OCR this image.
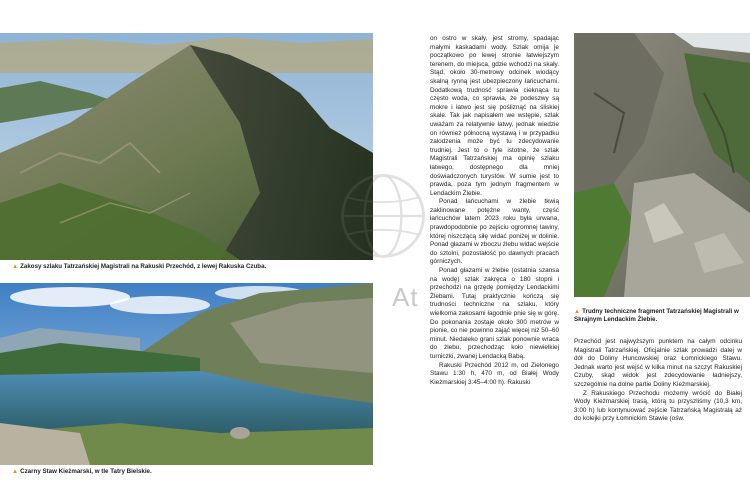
▲ Zakosy szlaku Tatrzańskiej Magistrali na Rakuski Przechód, z lewej Rakuska Czuba.
▲ Czarny Staw Kieżmarski, w tle Tatry Bielskie.
At

on ostro w skały, jest stromy, spadając małymi kaskadami wody. Szlak omija je początkowo po lewej stronie łatwiejszym terenem, do miejsca, gdzie wchodzi na skały. Stąd, około 30-metrowy odcinek wiodący skalną rynną jest ubezpieczony łańcuchami. Dodatkową trudność sprawia cieknąca tu często woda, co sprawia, że podeszwy są mokre i łatwo jest się pośliznąć na śliskiej skale. Tak jak napisałem we wstępie, szlak uważam za relatywnie łatwy, jednak wiedzie on również północną wystawą i w przypadku zalodzenia może być tu zdecydowanie trudniej. Jest to o tyle istotne, że szlak Magistrali Tatrzańskiej ma opinię szlaku łatwego, dostępnego dla mniej doświadczonych turystów. W sumie jest to prawda, poza tym jednym fragmentem w Lendackim Żlebie.

Ponad łańcuchami w żlebie tkwią zaklinowane potężne wanty, część łańcuchów latem 2023 roku była urwana, prawdopodobnie po zejściu ogromnej lawiny, której niszczącą siłę widać poniżej w dolinie. Ponad głazami w zboczu żlebu widać wejście do sztolni, pozostałość po dawnych pracach górniczych.

Ponad głazami w żlebie (ostatnia szansa na wodę) szlak zakręca o 180 stopni i przechodzi na grzędę pomiędzy Lendackimi Żlebami. Tutaj praktycznie kończą się trudności techniczne na szlaku, który wielkoma zakosami łagodnie pnie się w górę. Do pokonania zostaje około 300 metrów w pionie, co nie powinno zająć więcej niż 50–60 minut. Niedaleko grani szlak ponownie wraca do żlebu, przechodząc koło niewielkiej turniczki, zwanej Lendacką Babą.

Rakuski Przechód 2012 m, od Zielonego Stawu 1:30 h, 470 m, od Białej Wody Kieżmarskiej 3:45–4:00 h). Rakuski

▲ Trudny techniczne fragment Tatrzańskiej Magistrali w Skrajnym Lendackim Żlebie.

Przechód jest najwyższym punktem na całym odcinku Magistrali Tatrzańskiej. Oficjalnie szlak prowadzi dalej w dół do Doliny Huncowskiej oraz Łomnickiego Stawu. Jednak warto jest wejść w kilka minut na szczyt Rakuskiej Czuby, skąd widok jest zdecydowanie ładniejszy, szczególnie na dolne partie Doliny Kieżmarskiej.

Z Rakuskiego Przechodu możemy wrócić do Białej Wody Kieżmarskiej trasą, którą tu przyszliśmy (10,3 km, 3:00 h) lub kontynuować zejście Tatrzańską Magistralą aż do kolejki przy Łomnickim Stawie (ośw.
